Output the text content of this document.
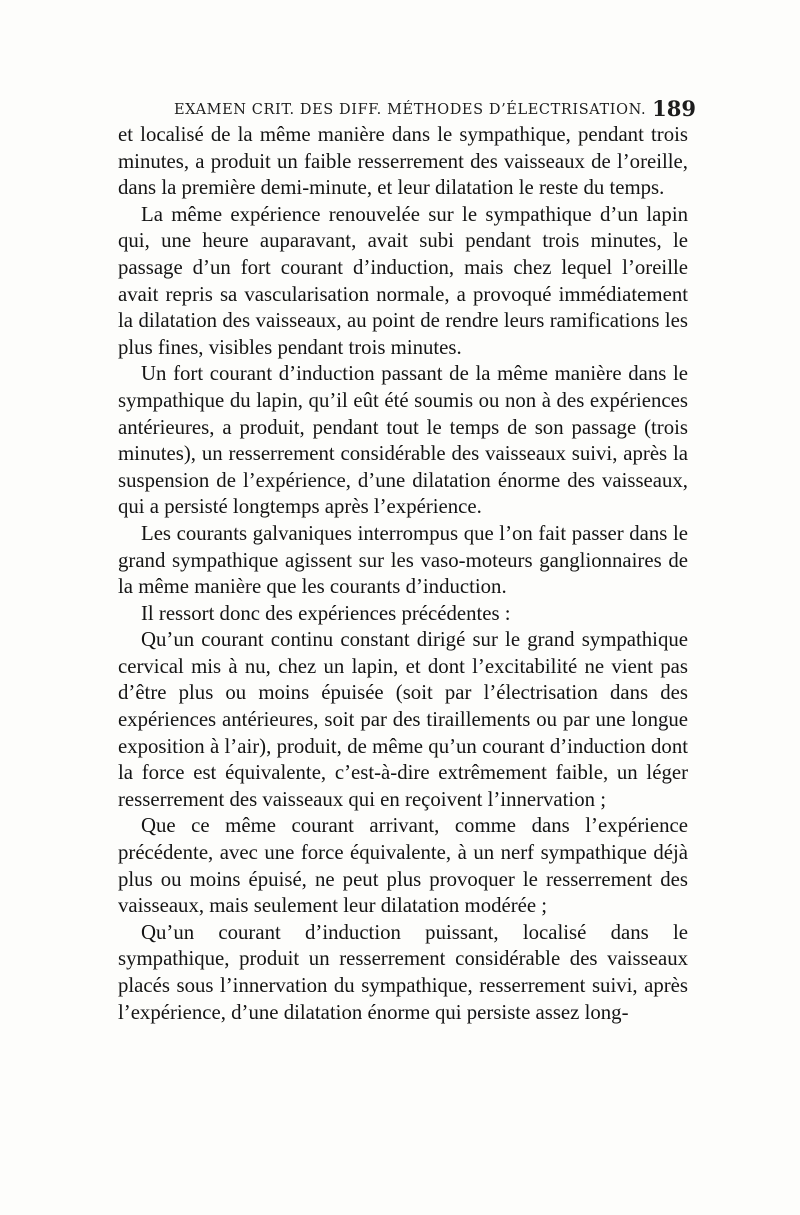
EXAMEN CRIT. DES DIFF. MÉTHODES D’ÉLECTRISATION. 189

et localisé de la même manière dans le sympathique, pendant trois minutes, a produit un faible resserrement des vaisseaux de l’oreille, dans la première demi-minute, et leur dilatation le reste du temps.

La même expérience renouvelée sur le sympathique d’un lapin qui, une heure auparavant, avait subi pendant trois minutes, le passage d’un fort courant d’induction, mais chez lequel l’oreille avait repris sa vascularisation normale, a provoqué immédiatement la dilatation des vaisseaux, au point de rendre leurs ramifications les plus fines, visibles pendant trois minutes.

Un fort courant d’induction passant de la même manière dans le sympathique du lapin, qu’il eût été soumis ou non à des expériences antérieures, a produit, pendant tout le temps de son passage (trois minutes), un resserrement considérable des vaisseaux suivi, après la suspension de l’expérience, d’une dilatation énorme des vaisseaux, qui a persisté longtemps après l’expérience.

Les courants galvaniques interrompus que l’on fait passer dans le grand sympathique agissent sur les vaso-moteurs ganglionnaires de la même manière que les courants d’induction.

Il ressort donc des expériences précédentes :

Qu’un courant continu constant dirigé sur le grand sympathique cervical mis à nu, chez un lapin, et dont l’excitabilité ne vient pas d’être plus ou moins épuisée (soit par l’électrisation dans des expériences antérieures, soit par des tiraillements ou par une longue exposition à l’air), produit, de même qu’un courant d’induction dont la force est équivalente, c’est-à-dire extrêmement faible, un léger resserrement des vaisseaux qui en reçoivent l’innervation ;

Que ce même courant arrivant, comme dans l’expérience précédente, avec une force équivalente, à un nerf sympathique déjà plus ou moins épuisé, ne peut plus provoquer le resserrement des vaisseaux, mais seulement leur dilatation modérée ;

Qu’un courant d’induction puissant, localisé dans le sympathique, produit un resserrement considérable des vaisseaux placés sous l’innervation du sympathique, resserrement suivi, après l’expérience, d’une dilatation énorme qui persiste assez long-
